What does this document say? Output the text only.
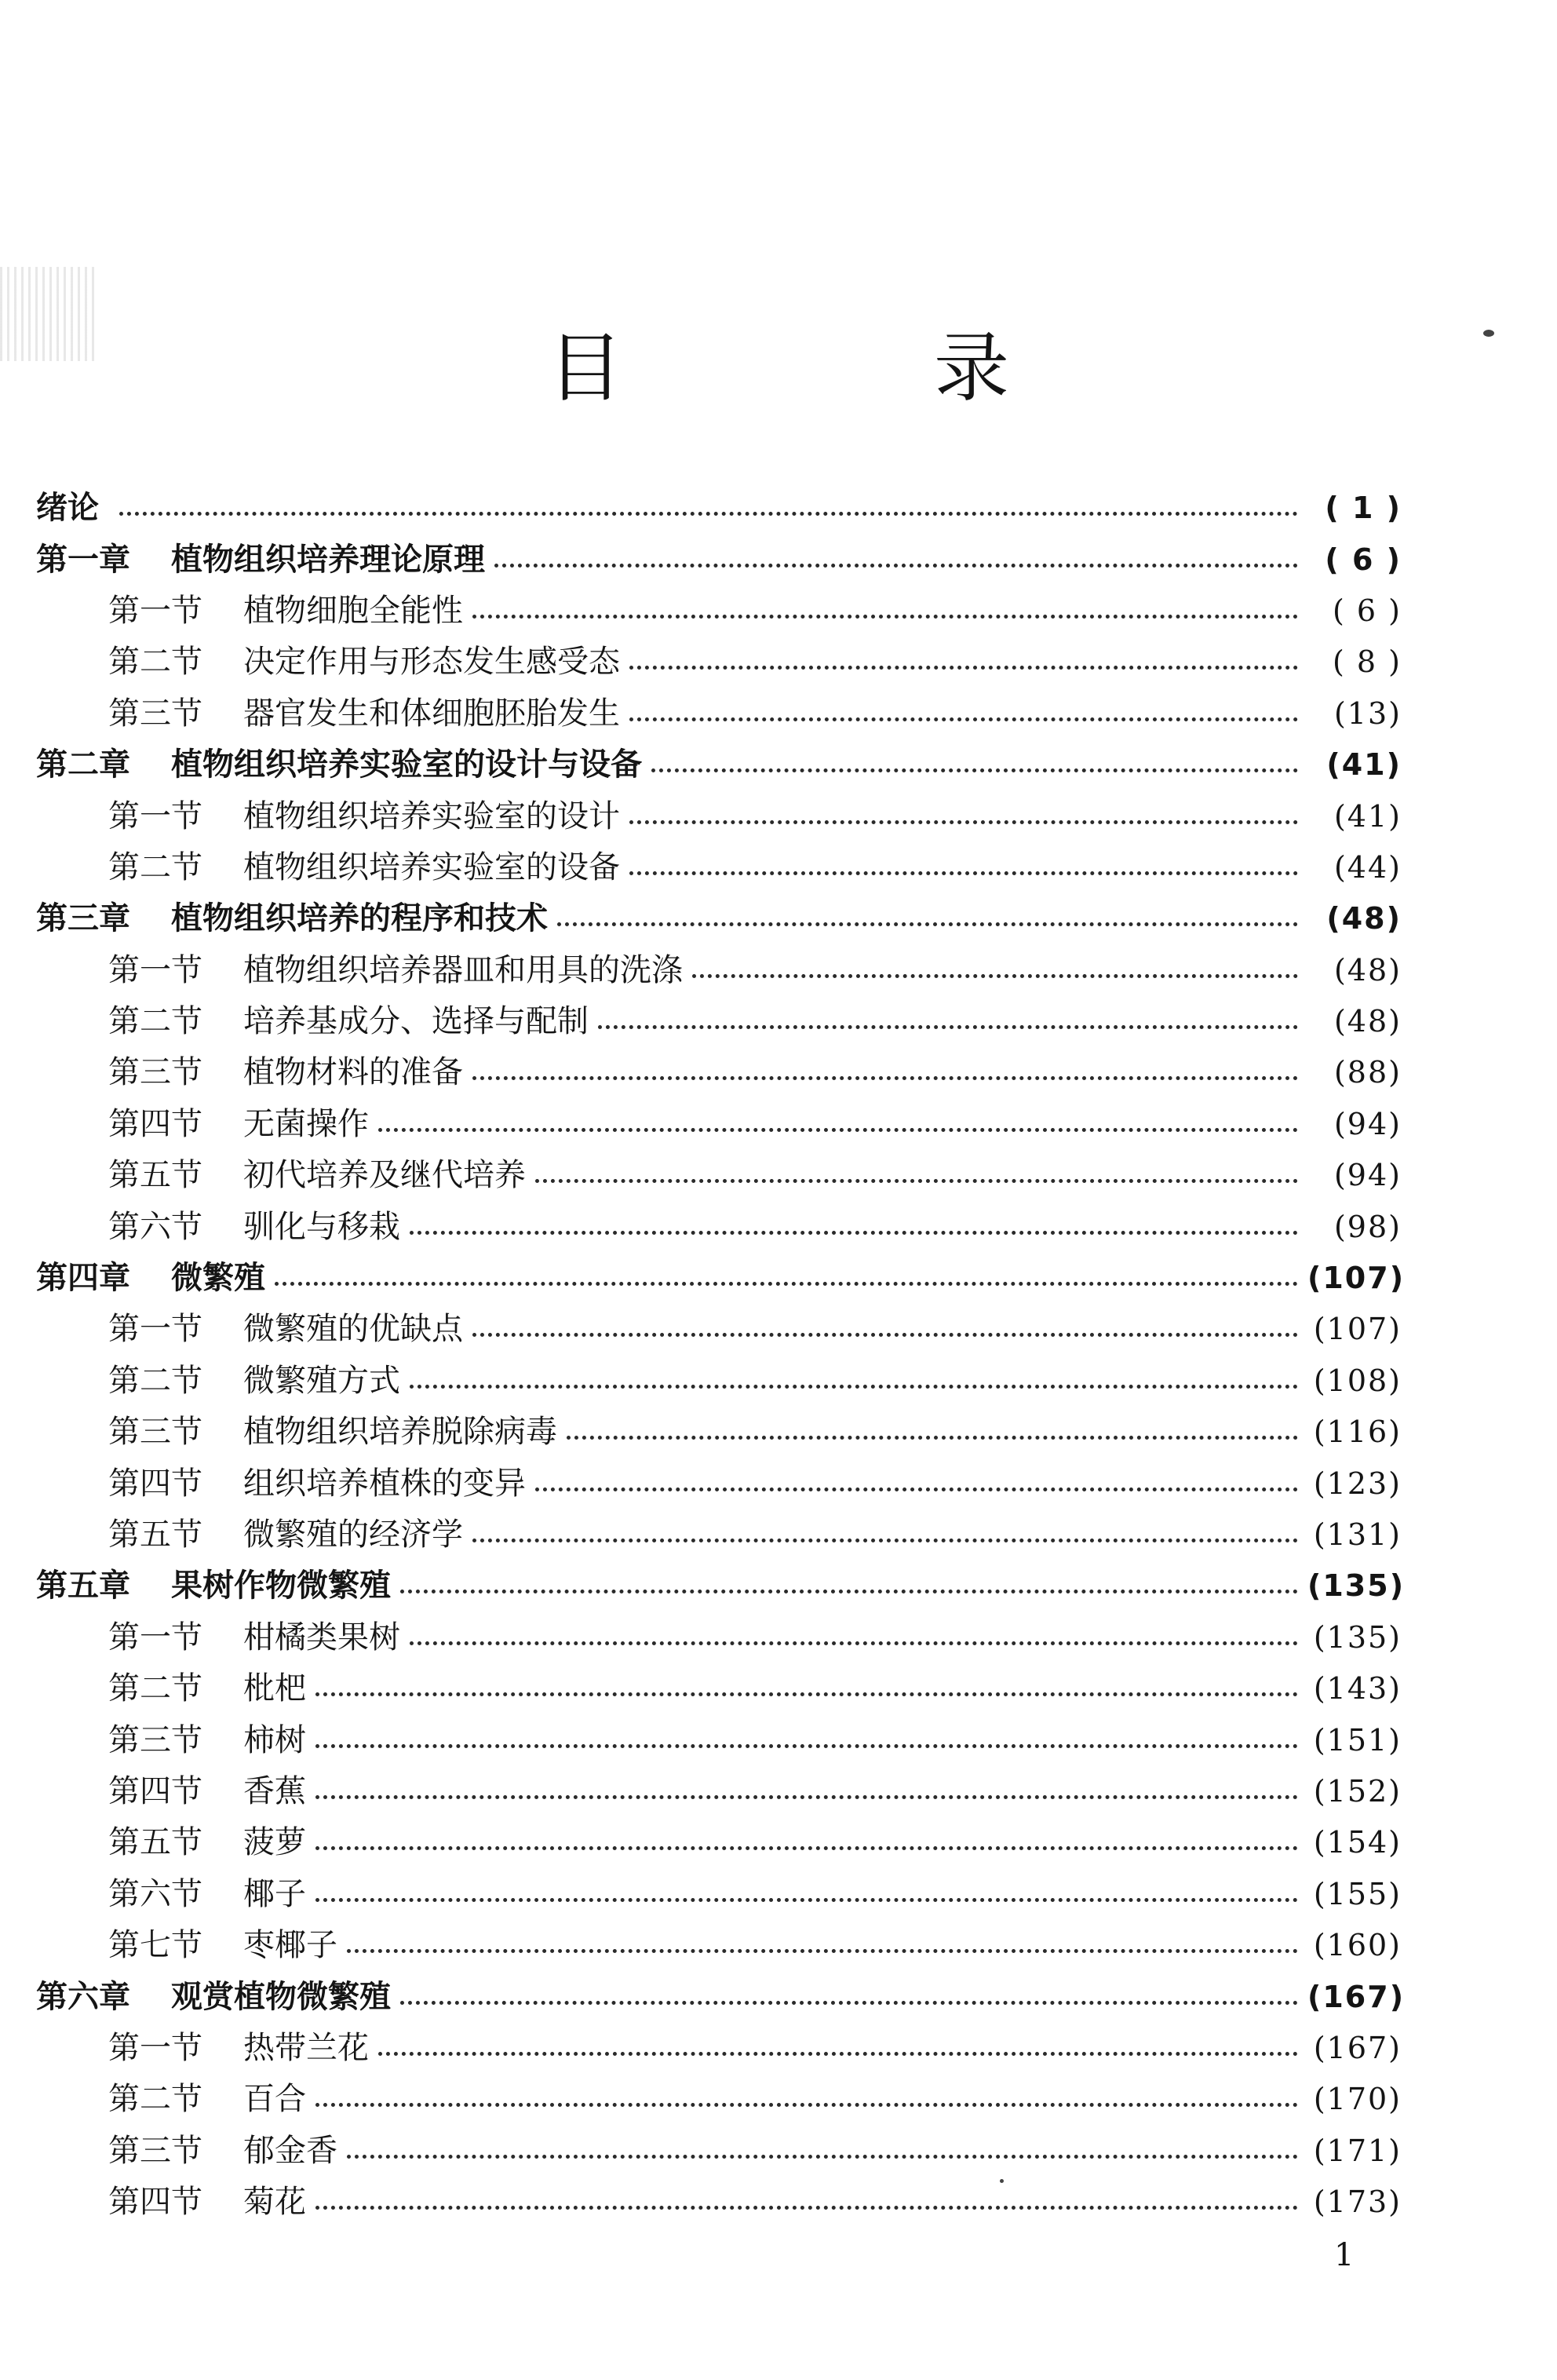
目　录
绪论	( 1 )
第一章	植物组织培养理论原理	( 6 )
第一节	植物细胞全能性	( 6 )
第二节	决定作用与形态发生感受态	( 8 )
第三节	器官发生和体细胞胚胎发生	(13)
第二章	植物组织培养实验室的设计与设备	(41)
第一节	植物组织培养实验室的设计	(41)
第二节	植物组织培养实验室的设备	(44)
第三章	植物组织培养的程序和技术	(48)
第一节	植物组织培养器皿和用具的洗涤	(48)
第二节	培养基成分、选择与配制	(48)
第三节	植物材料的准备	(88)
第四节	无菌操作	(94)
第五节	初代培养及继代培养	(94)
第六节	驯化与移栽	(98)
第四章	微繁殖	(107)
第一节	微繁殖的优缺点	(107)
第二节	微繁殖方式	(108)
第三节	植物组织培养脱除病毒	(116)
第四节	组织培养植株的变异	(123)
第五节	微繁殖的经济学	(131)
第五章	果树作物微繁殖	(135)
第一节	柑橘类果树	(135)
第二节	枇杷	(143)
第三节	柿树	(151)
第四节	香蕉	(152)
第五节	菠萝	(154)
第六节	椰子	(155)
第七节	枣椰子	(160)
第六章	观赏植物微繁殖	(167)
第一节	热带兰花	(167)
第二节	百合	(170)
第三节	郁金香	(171)
第四节	菊花	(173)
1
